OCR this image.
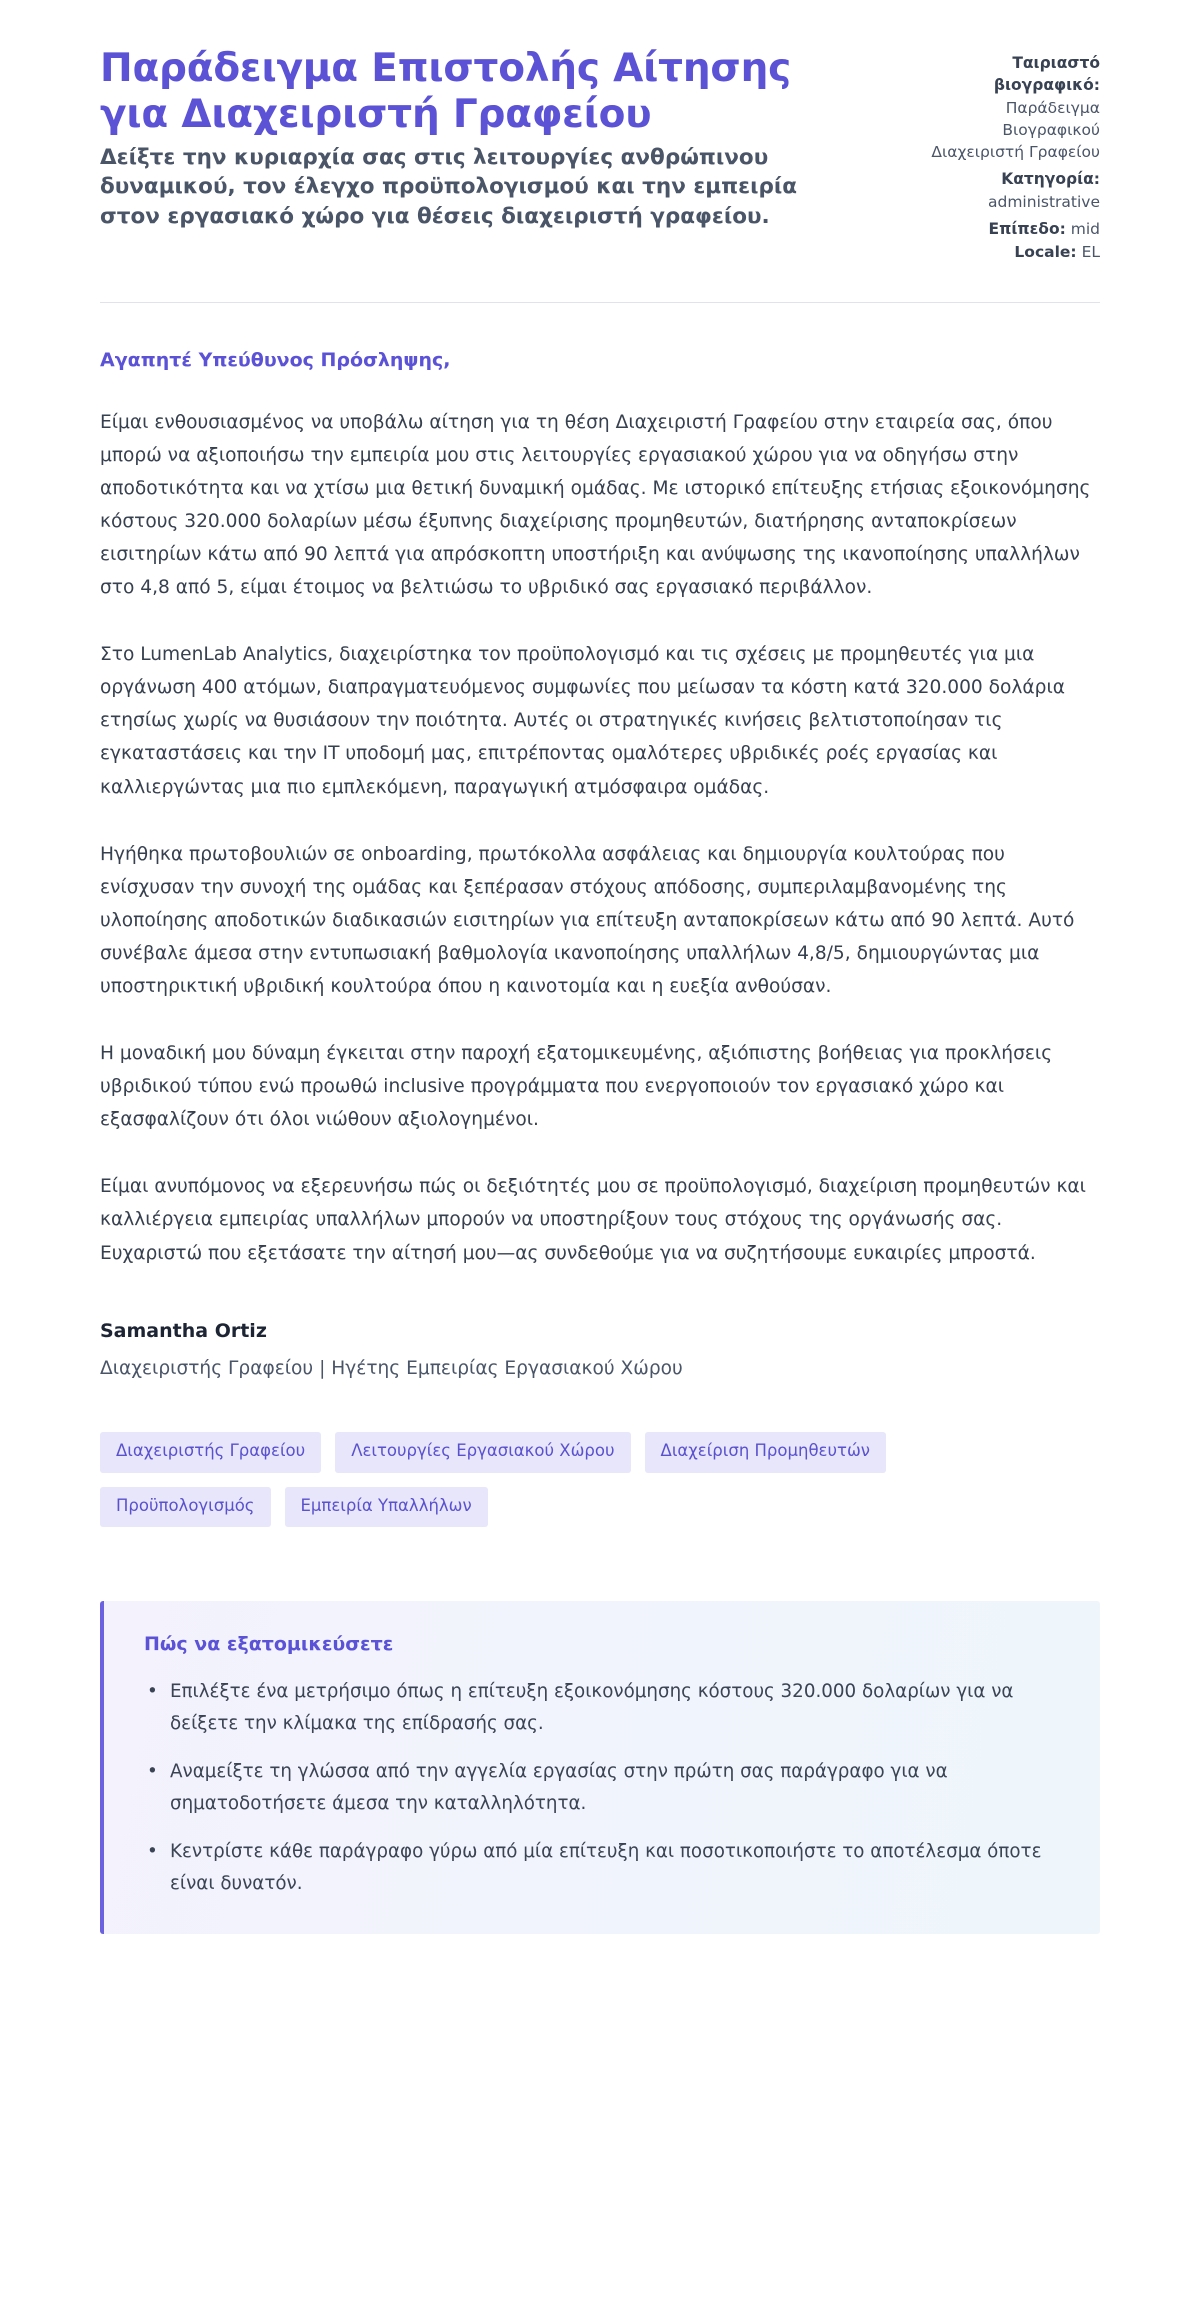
Παράδειγμα Επιστολής Αίτησης για Διαχειριστή Γραφείου

Δείξτε την κυριαρχία σας στις λειτουργίες ανθρώπινου δυναμικού, τον έλεγχο προϋπολογισμού και την εμπειρία στον εργασιακό χώρο για θέσεις διαχειριστή γραφείου.

Ταιριαστό βιογραφικό:
Παράδειγμα Βιογραφικού Διαχειριστή Γραφείου
Κατηγορία:
administrative
Επίπεδο: mid
Locale: EL

Αγαπητέ Υπεύθυνος Πρόσληψης,

Είμαι ενθουσιασμένος να υποβάλω αίτηση για τη θέση Διαχειριστή Γραφείου στην εταιρεία σας, όπου μπορώ να αξιοποιήσω την εμπειρία μου στις λειτουργίες εργασιακού χώρου για να οδηγήσω στην αποδοτικότητα και να χτίσω μια θετική δυναμική ομάδας. Με ιστορικό επίτευξης ετήσιας εξοικονόμησης κόστους 320.000 δολαρίων μέσω έξυπνης διαχείρισης προμηθευτών, διατήρησης ανταποκρίσεων εισιτηρίων κάτω από 90 λεπτά για απρόσκοπτη υποστήριξη και ανύψωσης της ικανοποίησης υπαλλήλων στο 4,8 από 5, είμαι έτοιμος να βελτιώσω το υβριδικό σας εργασιακό περιβάλλον.

Στο LumenLab Analytics, διαχειρίστηκα τον προϋπολογισμό και τις σχέσεις με προμηθευτές για μια οργάνωση 400 ατόμων, διαπραγματευόμενος συμφωνίες που μείωσαν τα κόστη κατά 320.000 δολάρια ετησίως χωρίς να θυσιάσουν την ποιότητα. Αυτές οι στρατηγικές κινήσεις βελτιστοποίησαν τις εγκαταστάσεις και την IT υποδομή μας, επιτρέποντας ομαλότερες υβριδικές ροές εργασίας και καλλιεργώντας μια πιο εμπλεκόμενη, παραγωγική ατμόσφαιρα ομάδας.

Ηγήθηκα πρωτοβουλιών σε onboarding, πρωτόκολλα ασφάλειας και δημιουργία κουλτούρας που ενίσχυσαν την συνοχή της ομάδας και ξεπέρασαν στόχους απόδοσης, συμπεριλαμβανομένης της υλοποίησης αποδοτικών διαδικασιών εισιτηρίων για επίτευξη ανταποκρίσεων κάτω από 90 λεπτά. Αυτό συνέβαλε άμεσα στην εντυπωσιακή βαθμολογία ικανοποίησης υπαλλήλων 4,8/5, δημιουργώντας μια υποστηρικτική υβριδική κουλτούρα όπου η καινοτομία και η ευεξία ανθούσαν.

Η μοναδική μου δύναμη έγκειται στην παροχή εξατομικευμένης, αξιόπιστης βοήθειας για προκλήσεις υβριδικού τύπου ενώ προωθώ inclusive προγράμματα που ενεργοποιούν τον εργασιακό χώρο και εξασφαλίζουν ότι όλοι νιώθουν αξιολογημένοι.

Είμαι ανυπόμονος να εξερευνήσω πώς οι δεξιότητές μου σε προϋπολογισμό, διαχείριση προμηθευτών και καλλιέργεια εμπειρίας υπαλλήλων μπορούν να υποστηρίξουν τους στόχους της οργάνωσής σας. Ευχαριστώ που εξετάσατε την αίτησή μου—ας συνδεθούμε για να συζητήσουμε ευκαιρίες μπροστά.

Samantha Ortiz

Διαχειριστής Γραφείου | Ηγέτης Εμπειρίας Εργασιακού Χώρου

Διαχειριστής Γραφείου	Λειτουργίες Εργασιακού Χώρου	Διαχείριση Προμηθευτών
Προϋπολογισμός	Εμπειρία Υπαλλήλων

Πώς να εξατομικεύσετε

• Επιλέξτε ένα μετρήσιμο όπως η επίτευξη εξοικονόμησης κόστους 320.000 δολαρίων για να δείξετε την κλίμακα της επίδρασής σας.
• Αναμείξτε τη γλώσσα από την αγγελία εργασίας στην πρώτη σας παράγραφο για να σηματοδοτήσετε άμεσα την καταλληλότητα.
• Κεντρίστε κάθε παράγραφο γύρω από μία επίτευξη και ποσοτικοποιήστε το αποτέλεσμα όποτε είναι δυνατόν.
